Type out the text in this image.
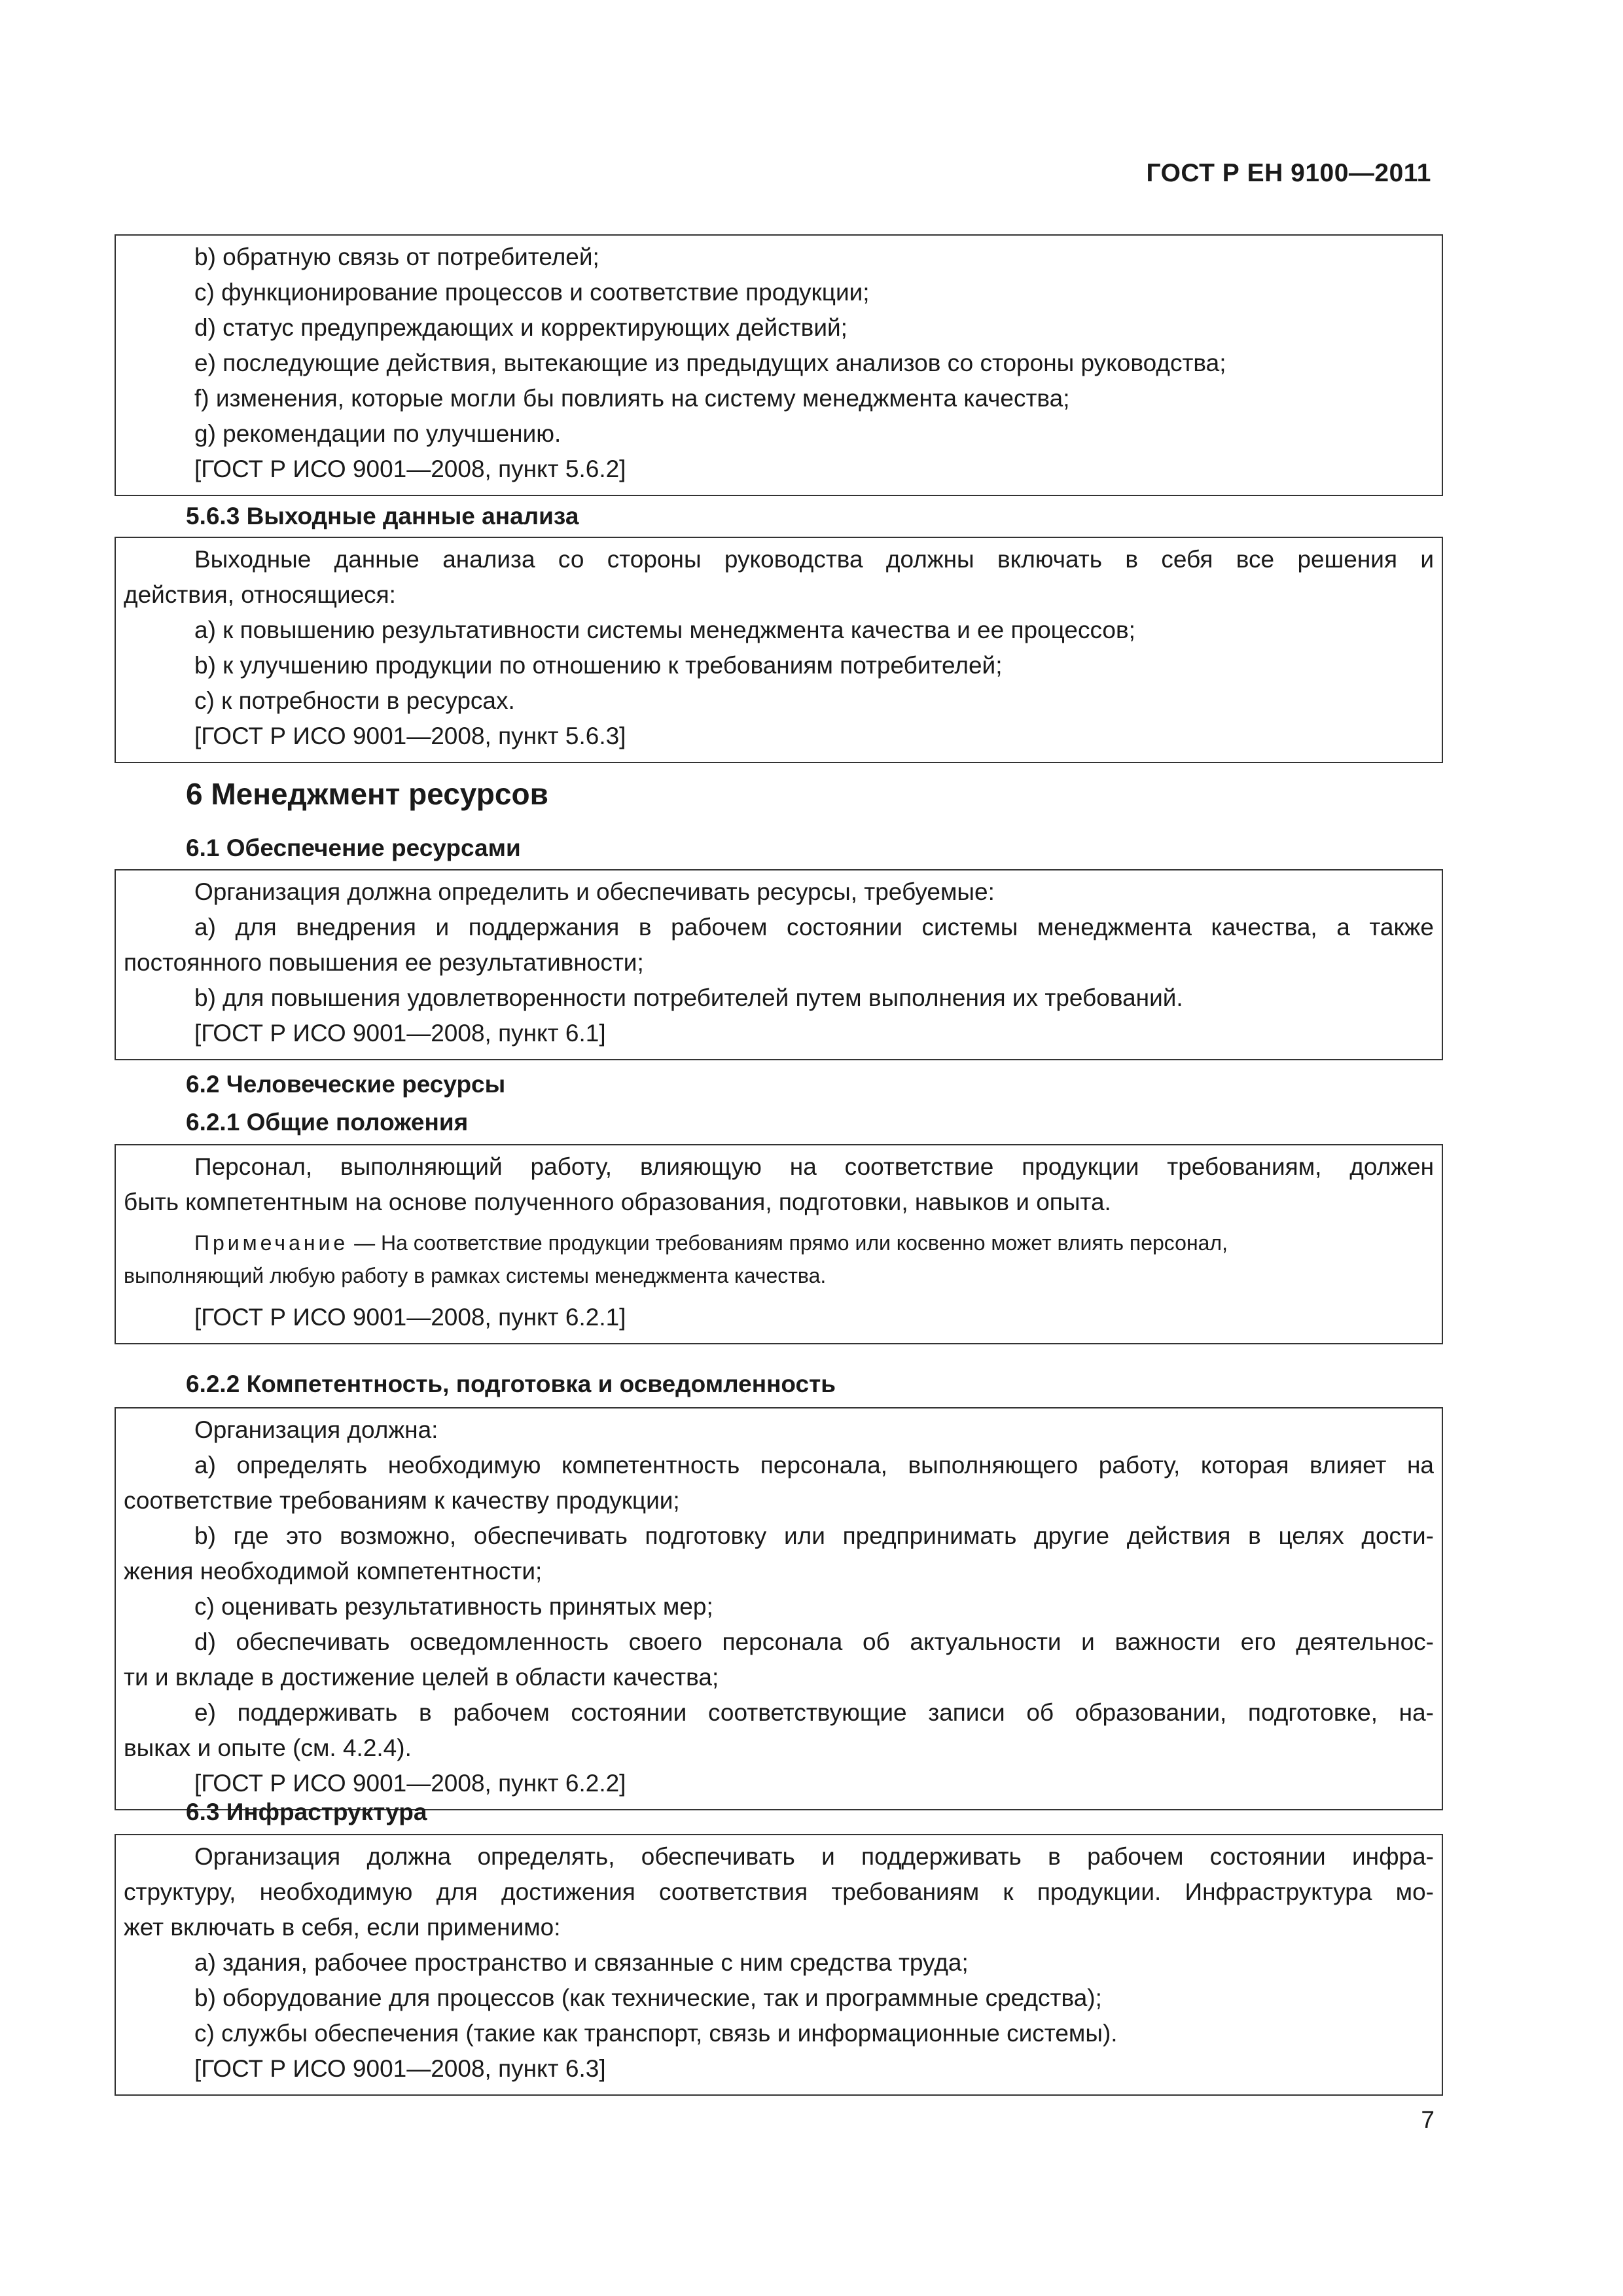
ГОСТ Р ЕН 9100—2011
b) обратную связь от потребителей;
c) функционирование процессов и соответствие продукции;
d) статус предупреждающих и корректирующих действий;
e) последующие действия, вытекающие из предыдущих анализов со стороны руководства;
f) изменения, которые могли бы повлиять на систему менеджмента качества;
g) рекомендации по улучшению.
[ГОСТ Р ИСО 9001—2008, пункт 5.6.2]
5.6.3 Выходные данные анализа
Выходные данные анализа со стороны руководства должны включать в себя все решения и
действия, относящиеся:
a) к повышению результативности системы менеджмента качества и ее процессов;
b) к улучшению продукции по отношению к требованиям потребителей;
c) к потребности в ресурсах.
[ГОСТ Р ИСО 9001—2008, пункт 5.6.3]
6 Менеджмент ресурсов
6.1 Обеспечение ресурсами
Организация должна определить и обеспечивать ресурсы, требуемые:
a) для внедрения и поддержания в рабочем состоянии системы менеджмента качества, а также
постоянного повышения ее результативности;
b) для повышения удовлетворенности потребителей путем выполнения их требований.
[ГОСТ Р ИСО 9001—2008, пункт 6.1]
6.2 Человеческие ресурсы
6.2.1 Общие положения
Персонал, выполняющий работу, влияющую на соответствие продукции требованиям, должен
быть компетентным на основе полученного образования, подготовки, навыков и опыта.
Примечание — На соответствие продукции требованиям прямо или косвенно может влиять персонал,
выполняющий любую работу в рамках системы менеджмента качества.
[ГОСТ Р ИСО 9001—2008, пункт 6.2.1]
6.2.2 Компетентность, подготовка и осведомленность
Организация должна:
a) определять необходимую компетентность персонала, выполняющего работу, которая влияет на
соответствие требованиям к качеству продукции;
b) где это возможно, обеспечивать подготовку или предпринимать другие действия в целях дости-
жения необходимой компетентности;
c) оценивать результативность принятых мер;
d) обеспечивать осведомленность своего персонала об актуальности и важности его деятельнос-
ти и вкладе в достижение целей в области качества;
e) поддерживать в рабочем состоянии соответствующие записи об образовании, подготовке, на-
выках и опыте (см. 4.2.4).
[ГОСТ Р ИСО 9001—2008, пункт 6.2.2]
6.3 Инфраструктура
Организация должна определять, обеспечивать и поддерживать в рабочем состоянии инфра-
структуру, необходимую для достижения соответствия требованиям к продукции. Инфраструктура мо-
жет включать в себя, если применимо:
a) здания, рабочее пространство и связанные с ним средства труда;
b) оборудование для процессов (как технические, так и программные средства);
c) службы обеспечения (такие как транспорт, связь и информационные системы).
[ГОСТ Р ИСО 9001—2008, пункт 6.3]
7
